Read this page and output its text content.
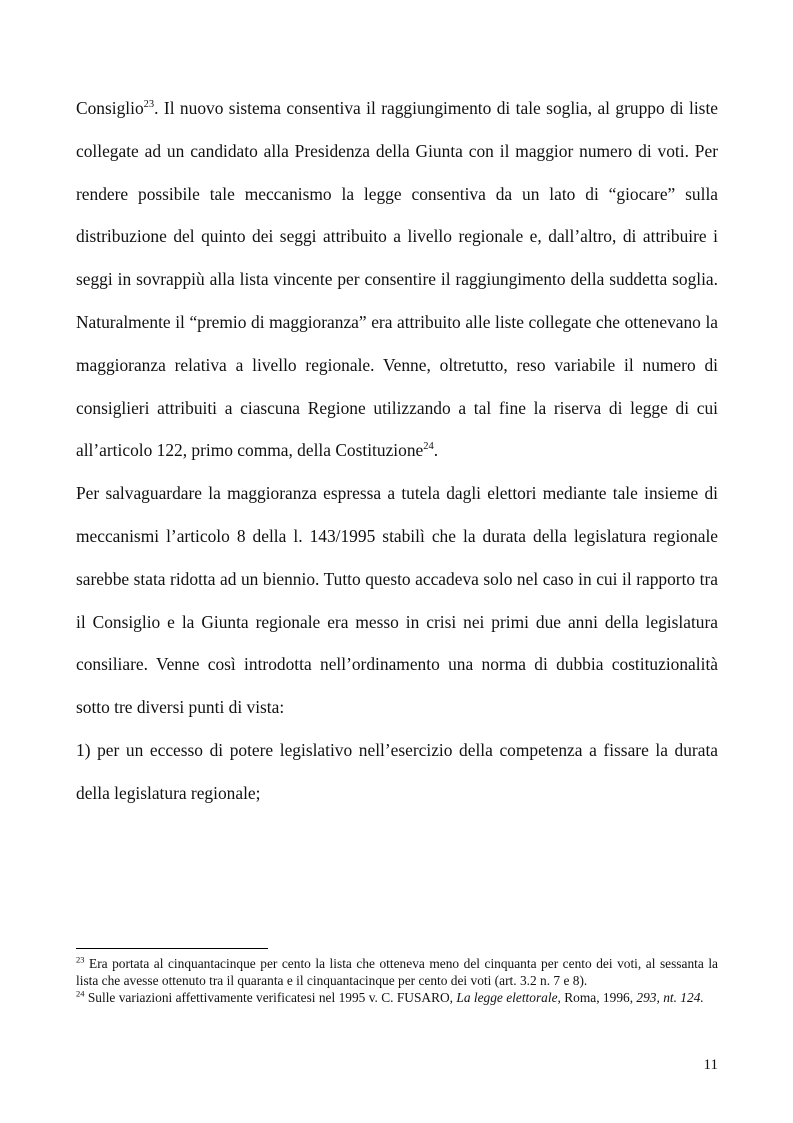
Consiglio$^{23}$. Il nuovo sistema consentiva il raggiungimento di tale soglia, al gruppo di liste collegate ad un candidato alla Presidenza della Giunta con il maggior numero di voti. Per rendere possibile tale meccanismo la legge consentiva da un lato di “giocare” sulla distribuzione del quinto dei seggi attribuito a livello regionale e, dall’altro, di attribuire i seggi in sovrappiù alla lista vincente per consentire il raggiungimento della suddetta soglia. Naturalmente il “premio di maggioranza” era attribuito alle liste collegate che ottenevano la maggioranza relativa a livello regionale. Venne, oltretutto, reso variabile il numero di consiglieri attribuiti a ciascuna Regione utilizzando a tal fine la riserva di legge di cui all’articolo 122, primo comma, della Costituzione$^{24}$.

Per salvaguardare la maggioranza espressa a tutela dagli elettori mediante tale insieme di meccanismi l’articolo 8 della l. 143/1995 stabilì che la durata della legislatura regionale sarebbe stata ridotta ad un biennio. Tutto questo accadeva solo nel caso in cui il rapporto tra il Consiglio e la Giunta regionale era messo in crisi nei primi due anni della legislatura consiliare. Venne così introdotta nell’ordinamento una norma di dubbia costituzionalità sotto tre diversi punti di vista:

1) per un eccesso di potere legislativo nell’esercizio della competenza a fissare la durata della legislatura regionale;

$^{23}$ Era portata al cinquantacinque per cento la lista che otteneva meno del cinquanta per cento dei voti, al sessanta la lista che avesse ottenuto tra il quaranta e il cinquantacinque per cento dei voti (art. 3.2 n. 7 e 8).

$^{24}$ Sulle variazioni affettivamente verificatesi nel 1995 v. C. FUSARO, La legge elettorale, Roma, 1996, 293, nt. 124.

11
